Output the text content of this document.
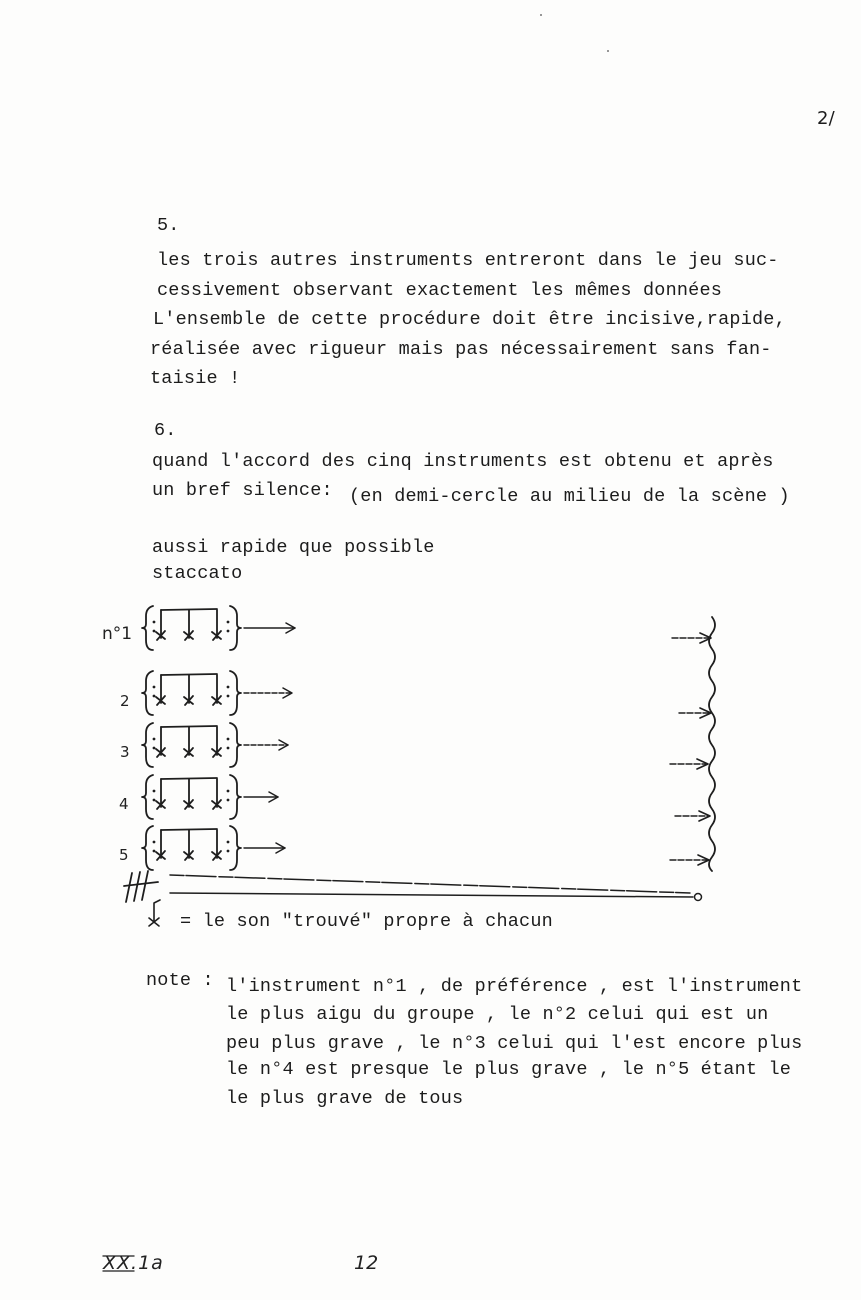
2/
5.
les trois autres instruments entreront dans le jeu suc-
cessivement observant exactement les mêmes données
L'ensemble de cette procédure doit être incisive,rapide,
réalisée avec rigueur mais pas nécessairement sans fan-
taisie !
6.
quand l'accord des cinq instruments est obtenu et après
un bref silence: (en demi-cercle au milieu de la scène )
aussi rapide que possible
staccato
n°1
2
3
4
5
= le son "trouvé" propre à chacun
note : l'instrument n°1 , de préférence , est l'instrument
le plus aigu du groupe , le n°2 celui qui est un
peu plus grave , le n°3 celui qui l'est encore plus
le n°4 est presque le plus grave , le n°5 étant le
le plus grave de tous
XX.1a	12
